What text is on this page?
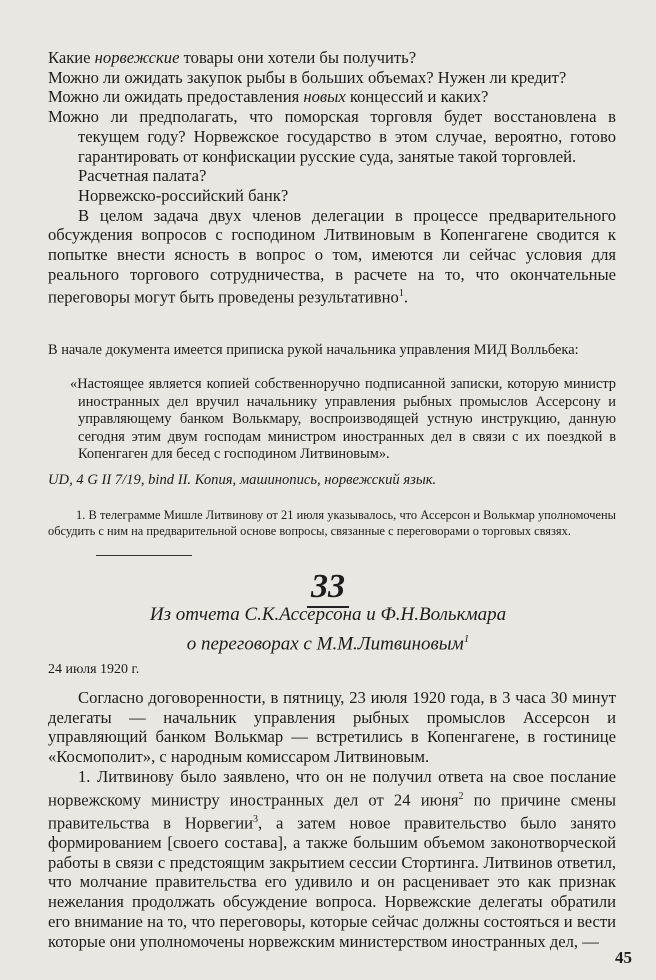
Какие норвежские товары они хотели бы получить?

Можно ли ожидать закупок рыбы в больших объемах? Нужен ли кредит?

Можно ли ожидать предоставления новых концессий и каких?

Можно ли предполагать, что поморская торговля будет восстановлена в текущем году? Норвежское государство в этом случае, вероятно, готово гарантировать от конфискации русские суда, занятые такой торговлей.

Расчетная палата?

Норвежско-российский банк?

В целом задача двух членов делегации в процессе предварительного обсуждения вопросов с господином Литвиновым в Копенгагене сводится к попытке внести ясность в вопрос о том, имеются ли сейчас условия для реального торгового сотрудничества, в расчете на то, что окончательные переговоры могут быть проведены результативно$^1$.

В начале документа имеется приписка рукой начальника управления МИД Волльбека:

«Настоящее является копией собственноручно подписанной записки, которую министр иностранных дел вручил начальнику управления рыбных промыслов Ассерсону и управляющему банком Волькмару, воспроизводящей устную инструкцию, данную сегодня этим двум господам министром иностранных дел в связи с их поездкой в Копенгаген для бесед с господином Литвиновым».

UD, 4 G II 7/19, bind II. Копия, машинопись, норвежский язык.

1. В телеграмме Мишле Литвинову от 21 июля указывалось, что Ассерсон и Волькмар уполномочены обсудить с ним на предварительной основе вопросы, связанные с переговорами о торговых связях.

33
Из отчета С.К.Ассерсона и Ф.Н.Волькмара
о переговорах с М.М.Литвиновым$^1$

24 июля 1920 г.

Согласно договоренности, в пятницу, 23 июля 1920 года, в 3 часа 30 минут делегаты — начальник управления рыбных промыслов Ассерсон и управляющий банком Волькмар — встретились в Копенгагене, в гостинице «Космополит», с народным комиссаром Литвиновым.

1. Литвинову было заявлено, что он не получил ответа на свое послание норвежскому министру иностранных дел от 24 июня$^2$ по причине смены правительства в Норвегии$^3$, а затем новое правительство было занято формированием [своего состава], а также большим объемом законотворческой работы в связи с предстоящим закрытием сессии Стортинга. Литвинов ответил, что молчание правительства его удивило и он расценивает это как признак нежелания продолжать обсуждение вопроса. Норвежские делегаты обратили его внимание на то, что переговоры, которые сейчас должны состояться и вести которые они уполномочены норвежским министерством иностранных дел, —

45
